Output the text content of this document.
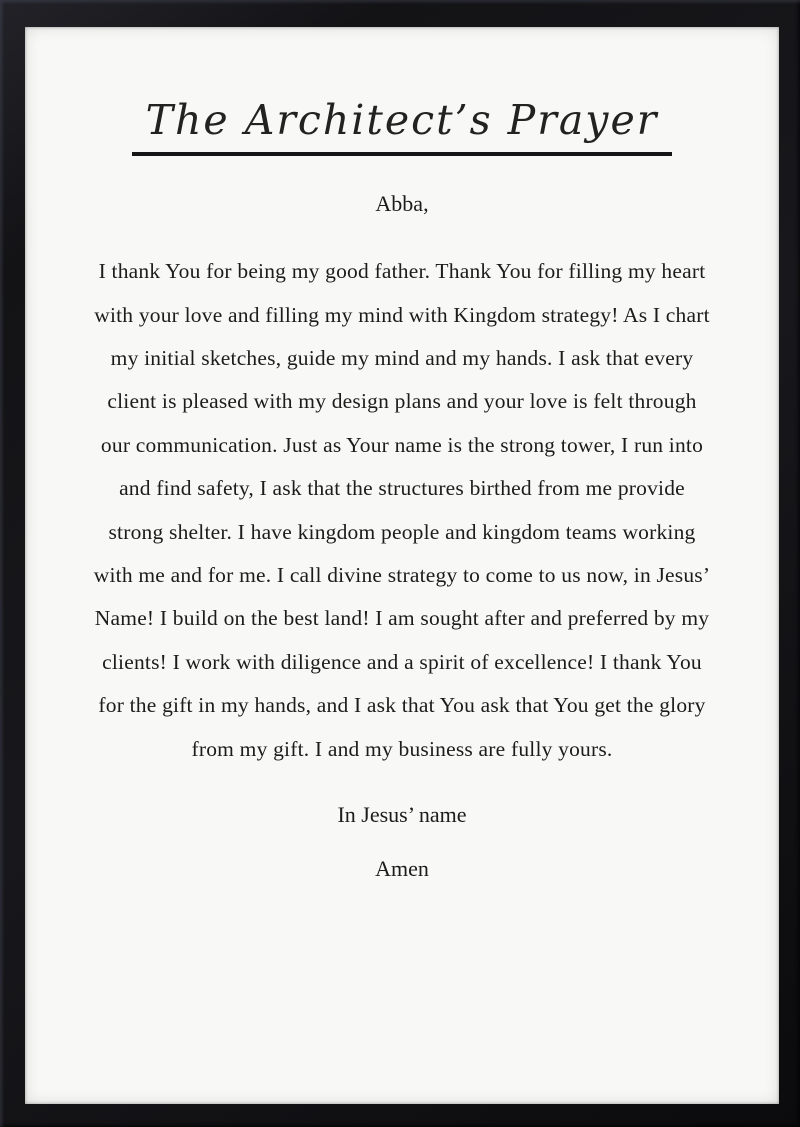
The Architect’s Prayer
Abba,
I thank You for being my good father. Thank You for filling my heart
with your love and filling my mind with Kingdom strategy! As I chart
my initial sketches, guide my mind and my hands. I ask that every
client is pleased with my design plans and your love is felt through
our communication. Just as Your name is the strong tower, I run into
and find safety, I ask that the structures birthed from me provide
strong shelter. I have kingdom people and kingdom teams working
with me and for me. I call divine strategy to come to us now, in Jesus’
Name! I build on the best land! I am sought after and preferred by my
clients! I work with diligence and a spirit of excellence! I thank You
for the gift in my hands, and I ask that You ask that You get the glory
from my gift. I and my business are fully yours.
In Jesus’ name
Amen
